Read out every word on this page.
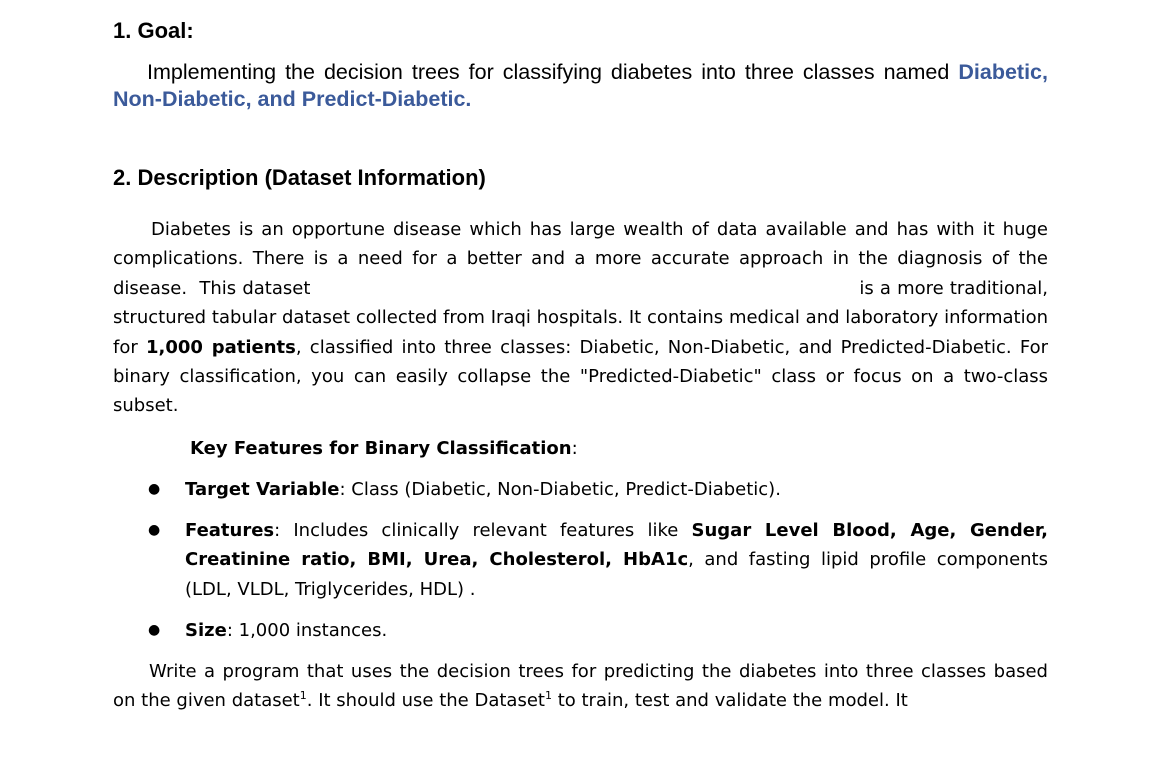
1. Goal:

Implementing the decision trees for classifying diabetes into three classes named Diabetic, Non-Diabetic, and Predict-Diabetic.

2. Description (Dataset Information)

Diabetes is an opportune disease which has large wealth of data available and has with it huge complications. There is a need for a better and a more accurate approach in the diagnosis of the disease. This dataset	is a more traditional, structured tabular dataset collected from Iraqi hospitals. It contains medical and laboratory information for 1,000 patients, classified into three classes: Diabetic, Non-Diabetic, and Predicted-Diabetic. For binary classification, you can easily collapse the "Predicted-Diabetic" class or focus on a two-class subset.

Key Features for Binary Classification:
● Target Variable: Class (Diabetic, Non-Diabetic, Predict-Diabetic).
● Features: Includes clinically relevant features like Sugar Level Blood, Age, Gender, Creatinine ratio, BMI, Urea, Cholesterol, HbA1c, and fasting lipid profile components (LDL, VLDL, Triglycerides, HDL) .
● Size: 1,000 instances.

Write a program that uses the decision trees for predicting the diabetes into three classes based on the given dataset$^1$. It should use the Dataset$^1$ to train, test and validate the model. It
